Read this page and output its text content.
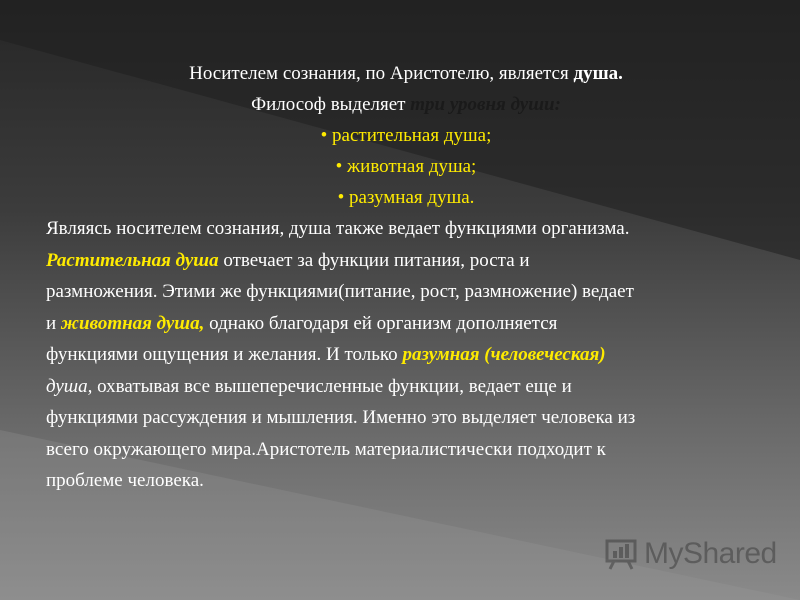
Носителем сознания, по Аристотелю, является душа.
Философ выделяет три уровня души:
• растительная душа;
• животная душа;
• разумная душа.
Являясь носителем сознания, душа также ведает функциями организма.
Растительная душа отвечает за функции питания, роста и
размножения. Этими же функциями(питание, рост, размножение) ведает
и животная душа, однако благодаря ей организм дополняется
функциями ощущения и желания. И только разумная (человеческая)
душа, охватывая все вышеперечисленные функции, ведает еще и
функциями рассуждения и мышления. Именно это выделяет человека из
всего окружающего мира.Аристотель материалистически подходит к
проблеме человека.
MyShared
